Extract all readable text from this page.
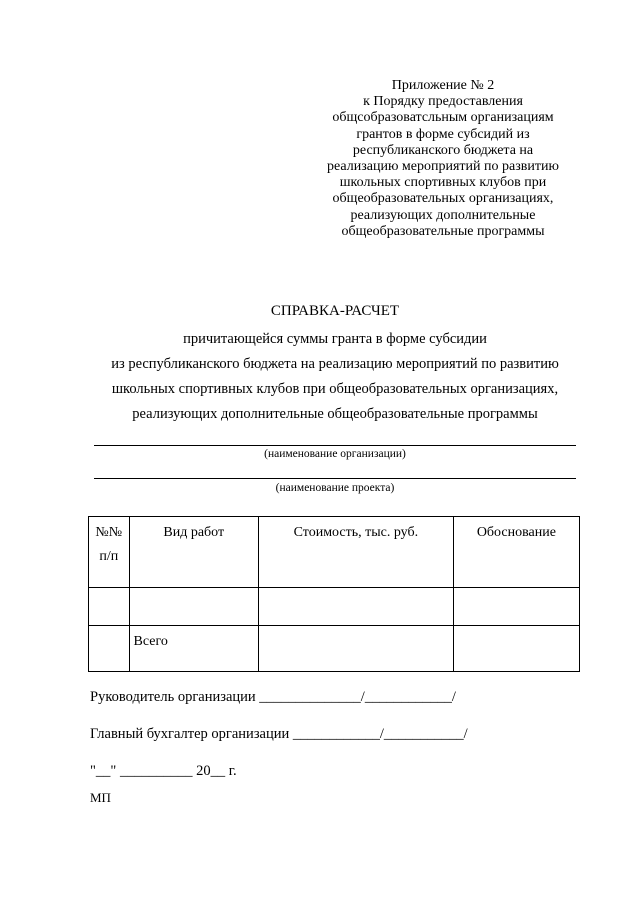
Приложение № 2
к Порядку предоставления
общсобразоватсльным организациям
грантов в форме субсидий из
республиканского бюджета на
реализацию мероприятий по развитию
школьных спортивных клубов при
общеобразовательных организациях,
реализующих дополнительные
общеобразовательные программы
СПРАВКА-РАСЧЕТ
причитающейся суммы гранта в форме субсидии
из республиканского бюджета на реализацию мероприятий по развитию
школьных спортивных клубов при общеобразовательных организациях,
реализующих дополнительные общеобразовательные программы
(наименование организации)
(наименование проекта)
№№
п/п	Вид работ	Стоимость, тыс. руб.	Обоснование

	Всего		
Руководитель организации ______________/____________/
Главный бухгалтер организации ____________/___________/
"__" __________ 20__ г.
МП
